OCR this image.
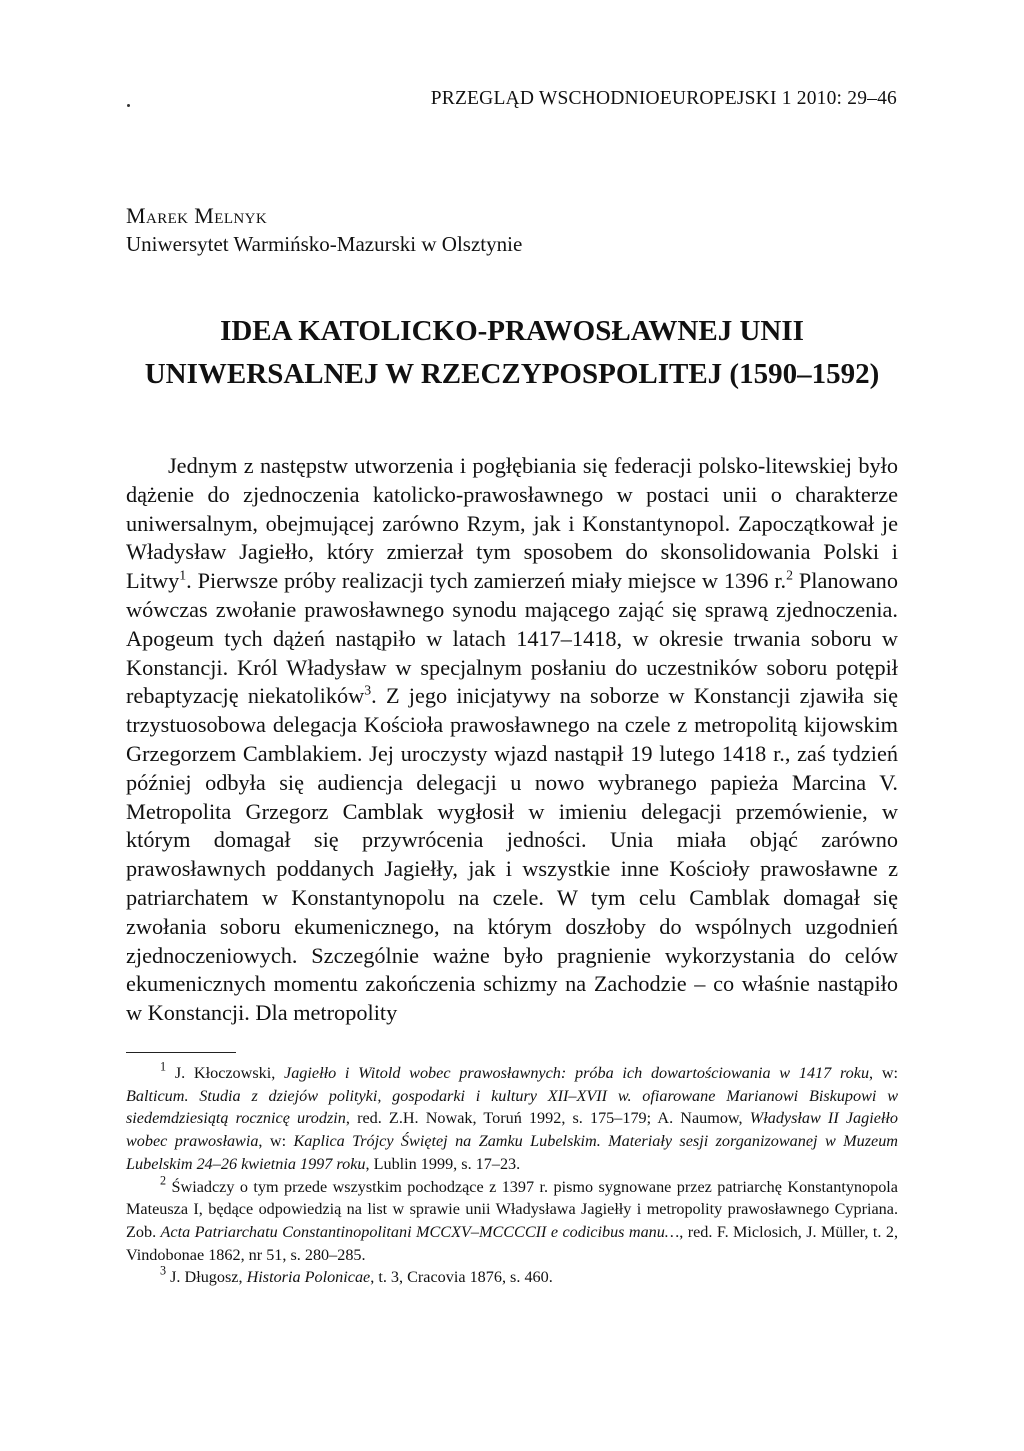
PRZEGLĄD WSCHODNIOEUROPEJSKI 1 2010: 29–46
Marek Melnyk
Uniwersytet Warmińsko-Mazurski w Olsztynie
IDEA KATOLICKO-PRAWOSŁAWNEJ UNII
UNIWERSALNEJ W RZECZYPOSPOLITEJ (1590–1592)

Jednym z następstw utworzenia i pogłębiania się federacji polsko-litewskiej było dążenie do zjednoczenia katolicko-prawosławnego w postaci unii o charakterze uniwersalnym, obejmującej zarówno Rzym, jak i Konstantynopol. Zapoczątkował je Władysław Jagiełło, który zmierzał tym sposobem do skonsolidowania Polski i Litwy$^1$. Pierwsze próby realizacji tych zamierzeń miały miejsce w 1396 r.$^2$ Planowano wówczas zwołanie prawosławnego synodu mającego zająć się sprawą zjednoczenia. Apogeum tych dążeń nastąpiło w latach 1417–1418, w okresie trwania soboru w Konstancji. Król Władysław w specjalnym posłaniu do uczestników soboru potępił rebaptyzację niekatolików$^3$. Z jego inicjatywy na soborze w Konstancji zjawiła się trzystuosobowa delegacja Kościoła prawosławnego na czele z metropolitą kijowskim Grzegorzem Camblakiem. Jej uroczysty wjazd nastąpił 19 lutego 1418 r., zaś tydzień później odbyła się audiencja delegacji u nowo wybranego papieża Marcina V. Metropolita Grzegorz Camblak wygłosił w imieniu delegacji przemówienie, w którym domagał się przywrócenia jedności. Unia miała objąć zarówno prawosławnych poddanych Jagiełły, jak i wszystkie inne Kościoły prawosławne z patriarchatem w Konstantynopolu na czele. W tym celu Camblak domagał się zwołania soboru ekumenicznego, na którym doszłoby do wspólnych uzgodnień zjednoczeniowych. Szczególnie ważne było pragnienie wykorzystania do celów ekumenicznych momentu zakończenia schizmy na Zachodzie – co właśnie nastąpiło w Konstancji. Dla metropolity

$^1$ J. Kłoczowski, Jagiełło i Witold wobec prawosławnych: próba ich dowartościowania w 1417 roku, w: Balticum. Studia z dziejów polityki, gospodarki i kultury XII–XVII w. ofiarowane Marianowi Biskupowi w siedemdziesiątą rocznicę urodzin, red. Z.H. Nowak, Toruń 1992, s. 175–179; A. Naumow, Władysław II Jagiełło wobec prawosławia, w: Kaplica Trójcy Świętej na Zamku Lubelskim. Materiały sesji zorganizowanej w Muzeum Lubelskim 24–26 kwietnia 1997 roku, Lublin 1999, s. 17–23.

$^2$ Świadczy o tym przede wszystkim pochodzące z 1397 r. pismo sygnowane przez patriarchę Konstantynopola Mateusza I, będące odpowiedzią na list w sprawie unii Władysława Jagiełły i metropolity prawosławnego Cypriana. Zob. Acta Patriarchatu Constantinopolitani MCCXV–MCCCCII e codicibus manu…, red. F. Miclosich, J. Müller, t. 2, Vindobonae 1862, nr 51, s. 280–285.

$^3$ J. Długosz, Historia Polonicae, t. 3, Cracovia 1876, s. 460.
